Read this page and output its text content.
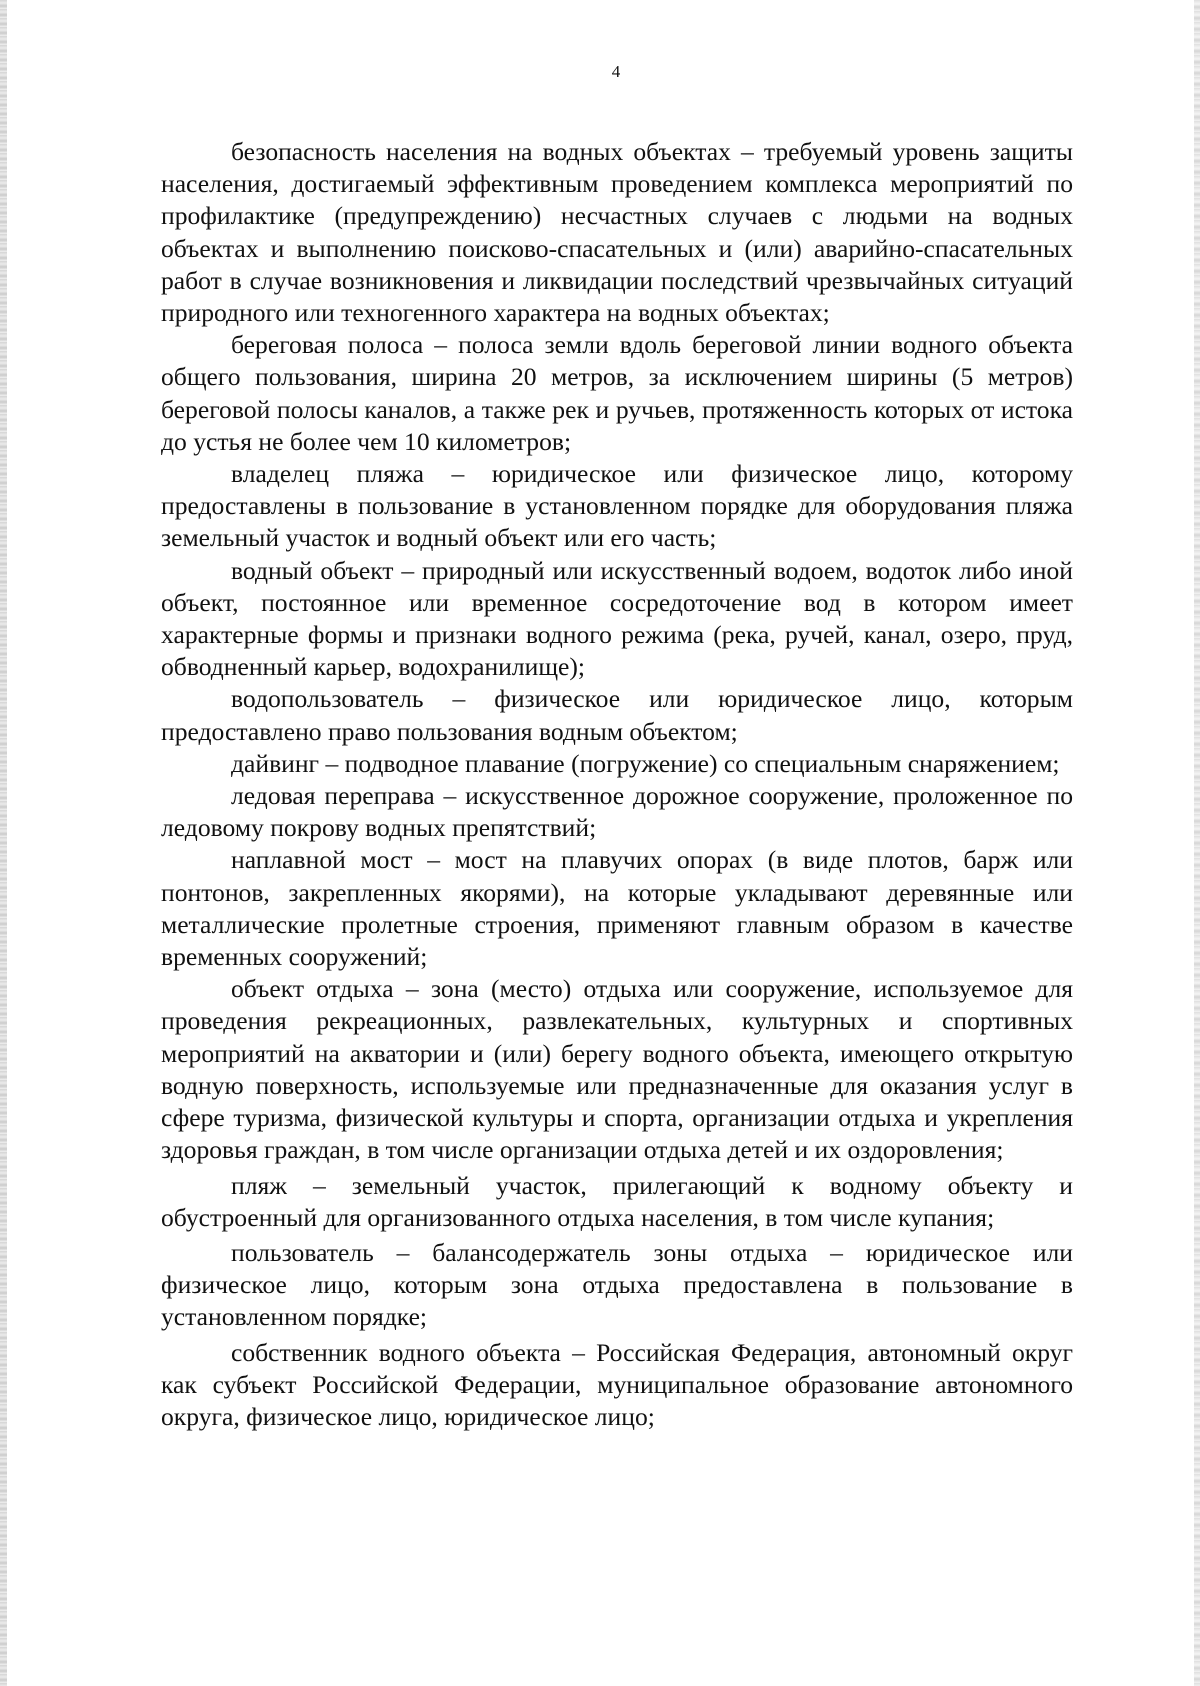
4

безопасность населения на водных объектах – требуемый уровень защиты населения, достигаемый эффективным проведением комплекса мероприятий по профилактике (предупреждению) несчастных случаев с людьми на водных объектах и выполнению поисково-спасательных и (или) аварийно-спасательных работ в случае возникновения и ликвидации последствий чрезвычайных ситуаций природного или техногенного характера на водных объектах;

береговая полоса – полоса земли вдоль береговой линии водного объекта общего пользования, ширина 20 метров, за исключением ширины (5 метров) береговой полосы каналов, а также рек и ручьев, протяженность которых от истока до устья не более чем 10 километров;

владелец пляжа – юридическое или физическое лицо, которому предоставлены в пользование в установленном порядке для оборудования пляжа земельный участок и водный объект или его часть;

водный объект – природный или искусственный водоем, водоток либо иной объект, постоянное или временное сосредоточение вод в котором имеет характерные формы и признаки водного режима (река, ручей, канал, озеро, пруд, обводненный карьер, водохранилище);

водопользователь – физическое или юридическое лицо, которым предоставлено право пользования водным объектом;

дайвинг – подводное плавание (погружение) со специальным снаряжением;

ледовая переправа – искусственное дорожное сооружение, проложенное по ледовому покрову водных препятствий;

наплавной мост – мост на плавучих опорах (в виде плотов, барж или понтонов, закрепленных якорями), на которые укладывают деревянные или металлические пролетные строения, применяют главным образом в качестве временных сооружений;

объект отдыха – зона (место) отдыха или сооружение, используемое для проведения рекреационных, развлекательных, культурных и спортивных мероприятий на акватории и (или) берегу водного объекта, имеющего открытую водную поверхность, используемые или предназначенные для оказания услуг в сфере туризма, физической культуры и спорта, организации отдыха и укрепления здоровья граждан, в том числе организации отдыха детей и их оздоровления;

пляж – земельный участок, прилегающий к водному объекту и обустроенный для организованного отдыха населения, в том числе купания;

пользователь – балансодержатель зоны отдыха – юридическое или физическое лицо, которым зона отдыха предоставлена в пользование в установленном порядке;

собственник водного объекта – Российская Федерация, автономный округ как субъект Российской Федерации, муниципальное образование автономного округа, физическое лицо, юридическое лицо;
